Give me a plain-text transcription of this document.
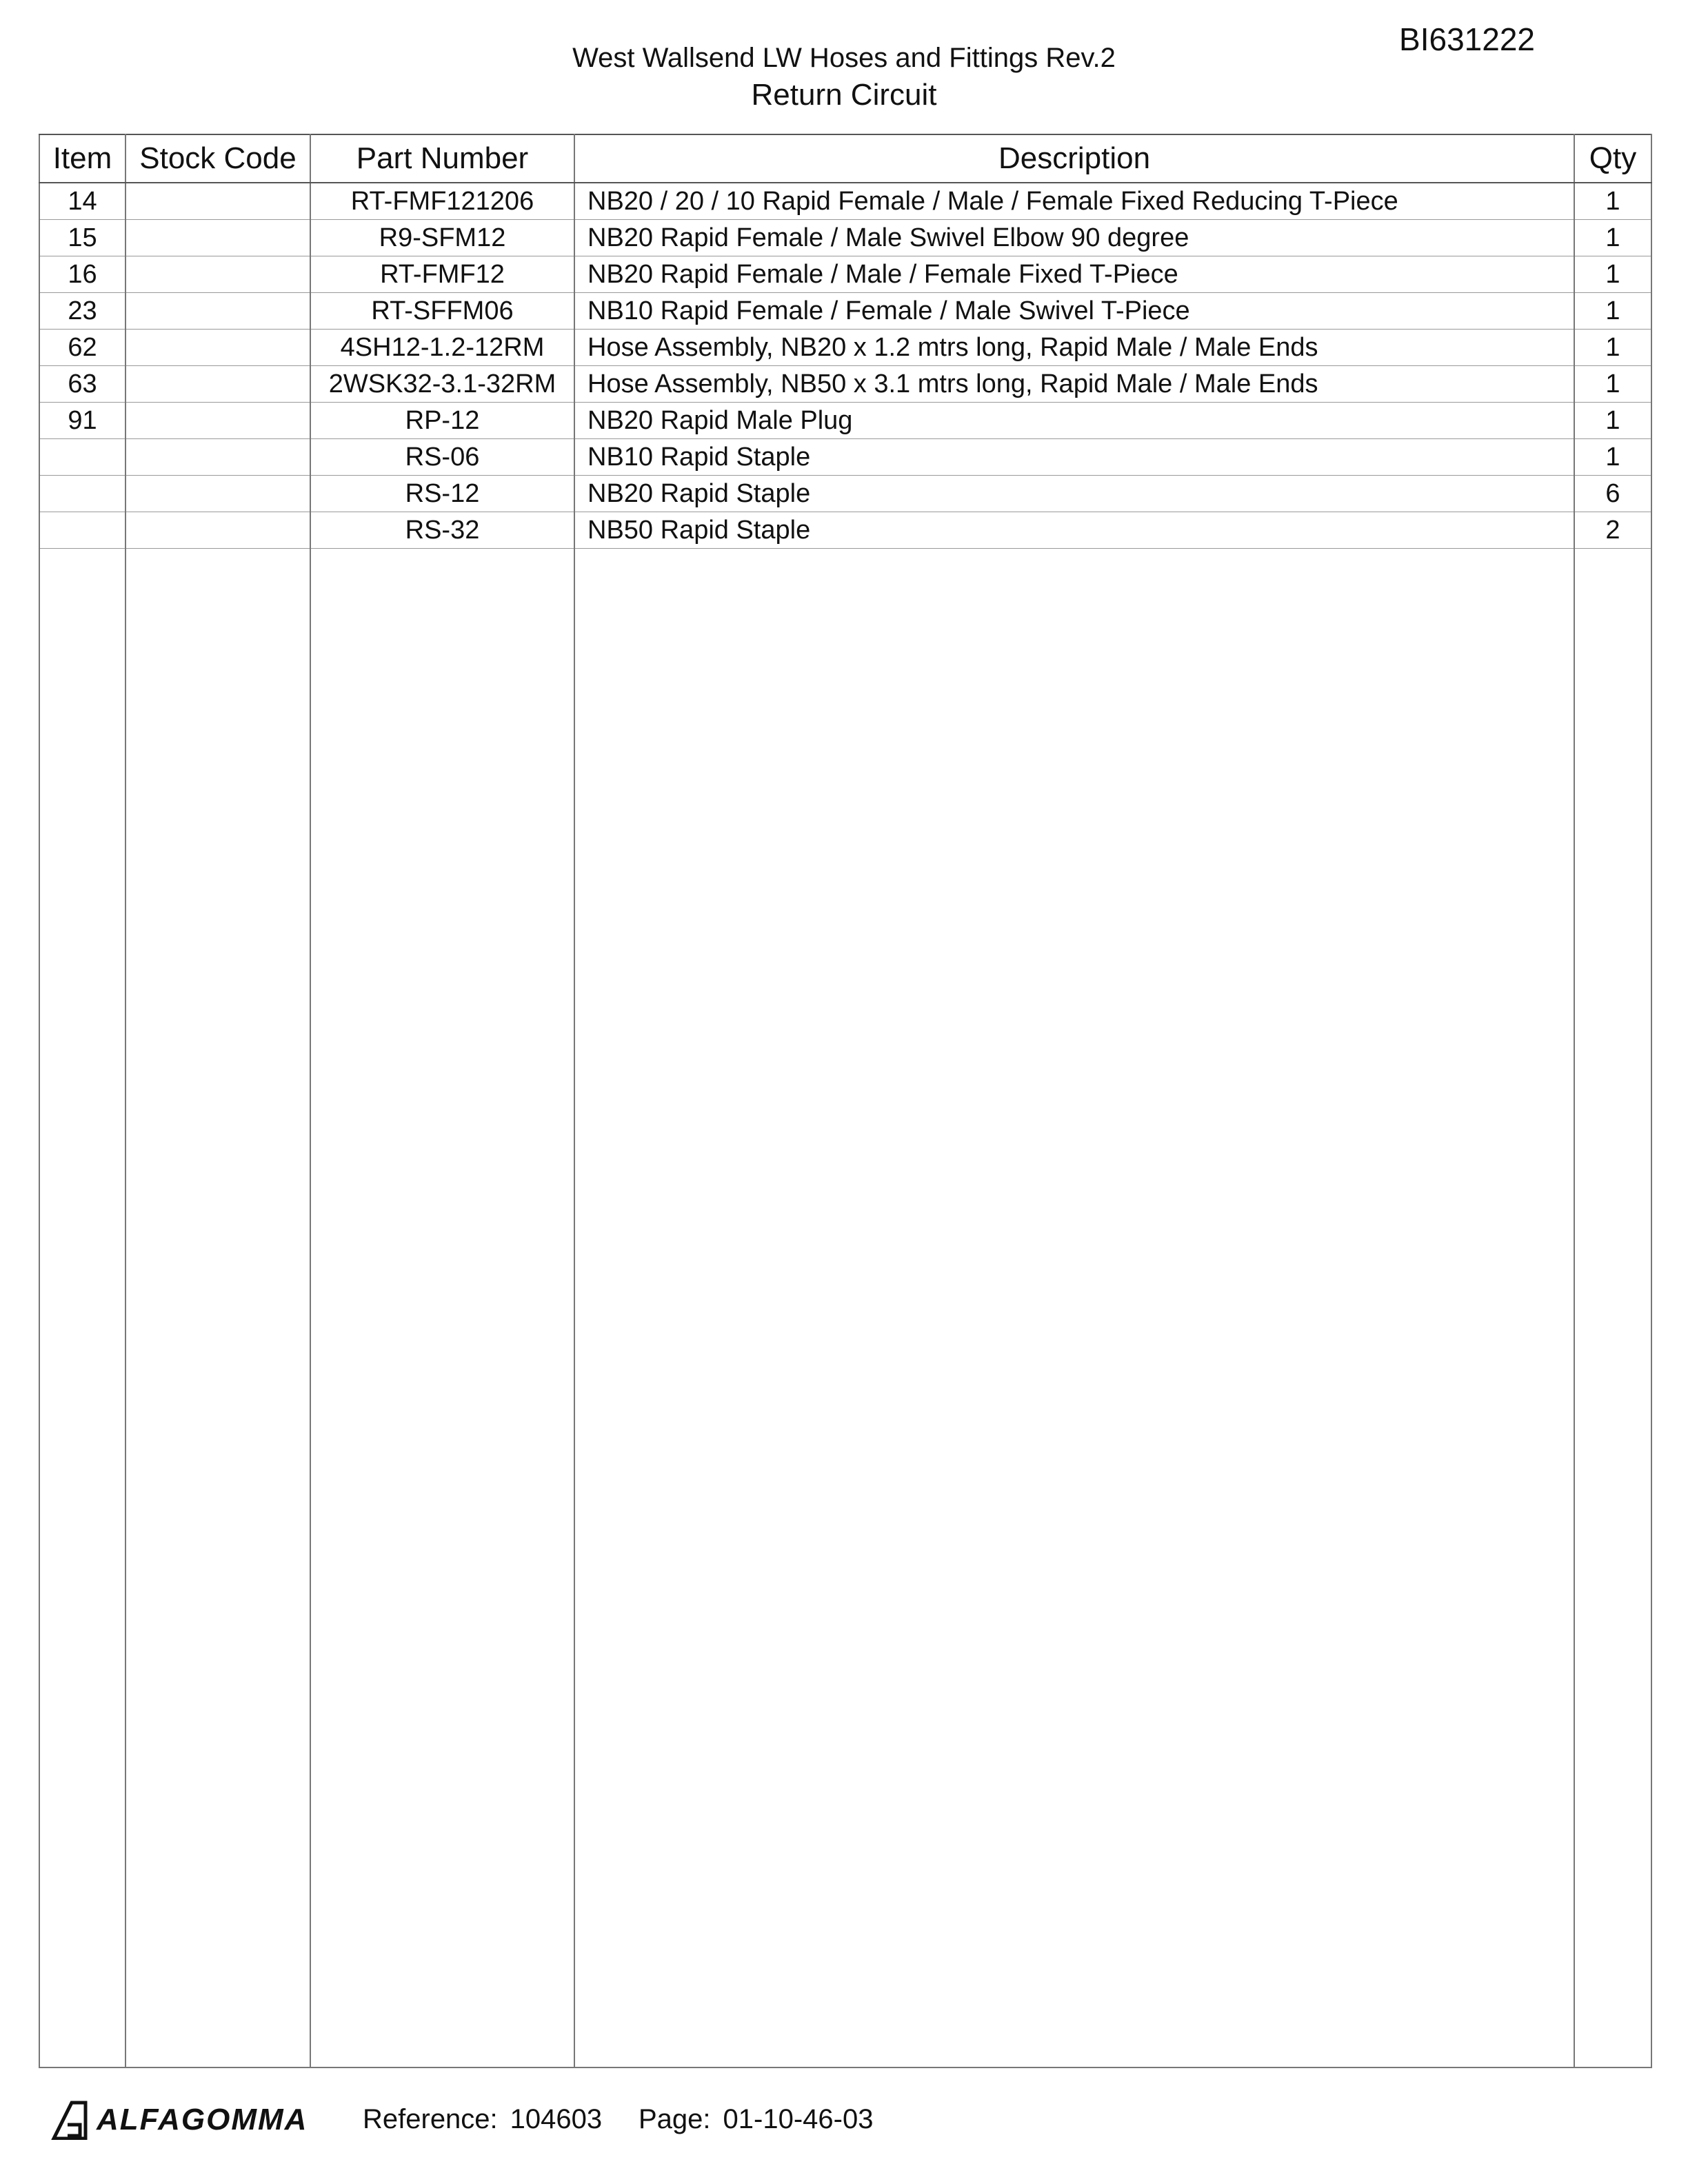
BI631222
West Wallsend LW Hoses and Fittings Rev.2
Return Circuit
Item	Stock Code	Part Number	Description	Qty
14		RT-FMF121206	NB20 / 20 / 10 Rapid Female / Male / Female Fixed Reducing T-Piece	1
15		R9-SFM12	NB20 Rapid Female / Male Swivel Elbow 90 degree	1
16		RT-FMF12	NB20 Rapid Female / Male / Female Fixed T-Piece	1
23		RT-SFFM06	NB10 Rapid Female / Female / Male Swivel T-Piece	1
62		4SH12-1.2-12RM	Hose Assembly, NB20 x 1.2 mtrs long, Rapid Male / Male Ends	1
63		2WSK32-3.1-32RM	Hose Assembly, NB50 x 3.1 mtrs long, Rapid Male / Male Ends	1
91		RP-12	NB20 Rapid Male Plug	1
		RS-06	NB10 Rapid Staple	1
		RS-12	NB20 Rapid Staple	6
		RS-32	NB50 Rapid Staple	2

ALFAGOMMA Reference: 104603 Page: 01-10-46-03
